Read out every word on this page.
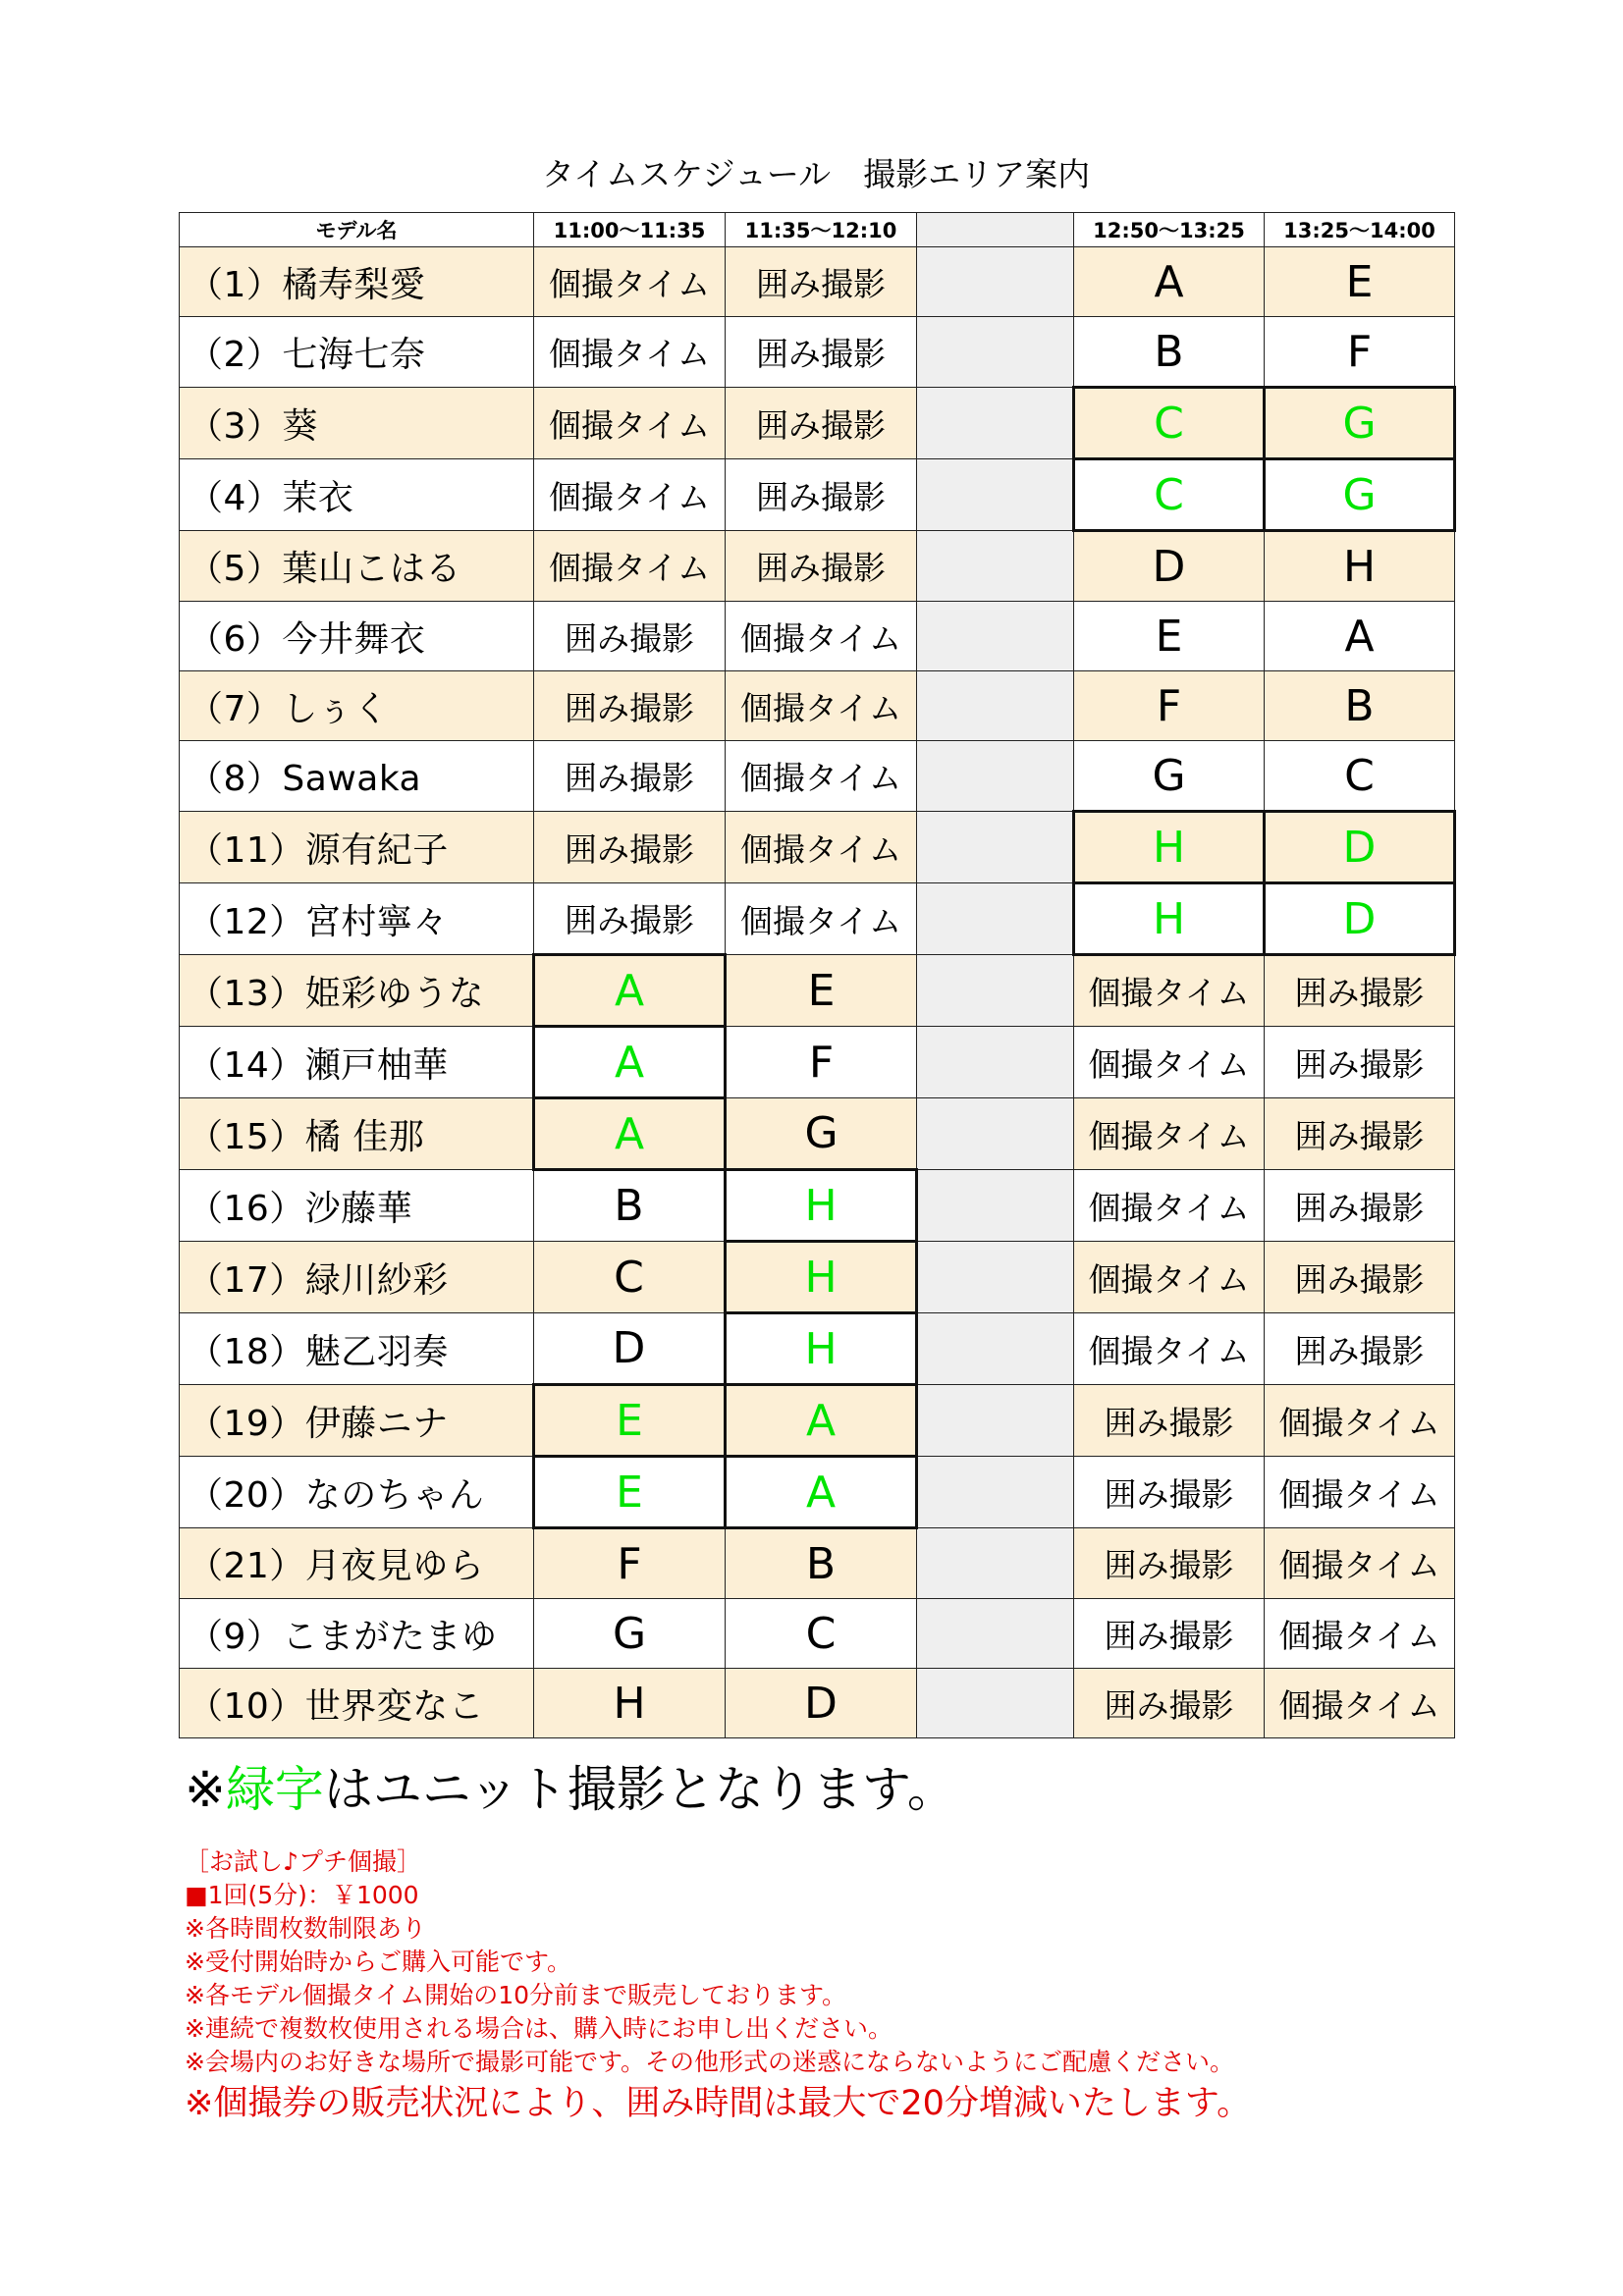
タイムスケジュール　撮影エリア案内
モデル名	11:00〜11:35	11:35〜12:10		12:50〜13:25	13:25〜14:00
（1）橘寿梨愛	個撮タイム	囲み撮影		A	E
（2）七海七奈	個撮タイム	囲み撮影		B	F
（3）葵	個撮タイム	囲み撮影		C	G
（4）茉衣	個撮タイム	囲み撮影		C	G
（5）葉山こはる	個撮タイム	囲み撮影		D	H
（6）今井舞衣	囲み撮影	個撮タイム		E	A
（7）しぅく	囲み撮影	個撮タイム		F	B
（8）Sawaka	囲み撮影	個撮タイム		G	C
（11）源有紀子	囲み撮影	個撮タイム		H	D
（12）宮村寧々	囲み撮影	個撮タイム		H	D
（13）姫彩ゆうな	A	E		個撮タイム	囲み撮影
（14）瀬戸柚華	A	F		個撮タイム	囲み撮影
（15）橘 佳那	A	G		個撮タイム	囲み撮影
（16）沙藤華	B	H		個撮タイム	囲み撮影
（17）緑川紗彩	C	H		個撮タイム	囲み撮影
（18）魅乙羽奏	D	H		個撮タイム	囲み撮影
（19）伊藤ニナ	E	A		囲み撮影	個撮タイム
（20）なのちゃん	E	A		囲み撮影	個撮タイム
（21）月夜見ゆら	F	B		囲み撮影	個撮タイム
（9）こまがたまゆ	G	C		囲み撮影	個撮タイム
（10）世界変なこ	H	D		囲み撮影	個撮タイム
※緑字はユニット撮影となります。
［お試し♪プチ個撮］
■1回(5分)：￥1000
※各時間枚数制限あり
※受付開始時からご購入可能です。
※各モデル個撮タイム開始の10分前まで販売しております。
※連続で複数枚使用される場合は、購入時にお申し出ください。
※会場内のお好きな場所で撮影可能です。その他形式の迷惑にならないようにご配慮ください。
※個撮券の販売状況により、囲み時間は最大で20分増減いたします。
